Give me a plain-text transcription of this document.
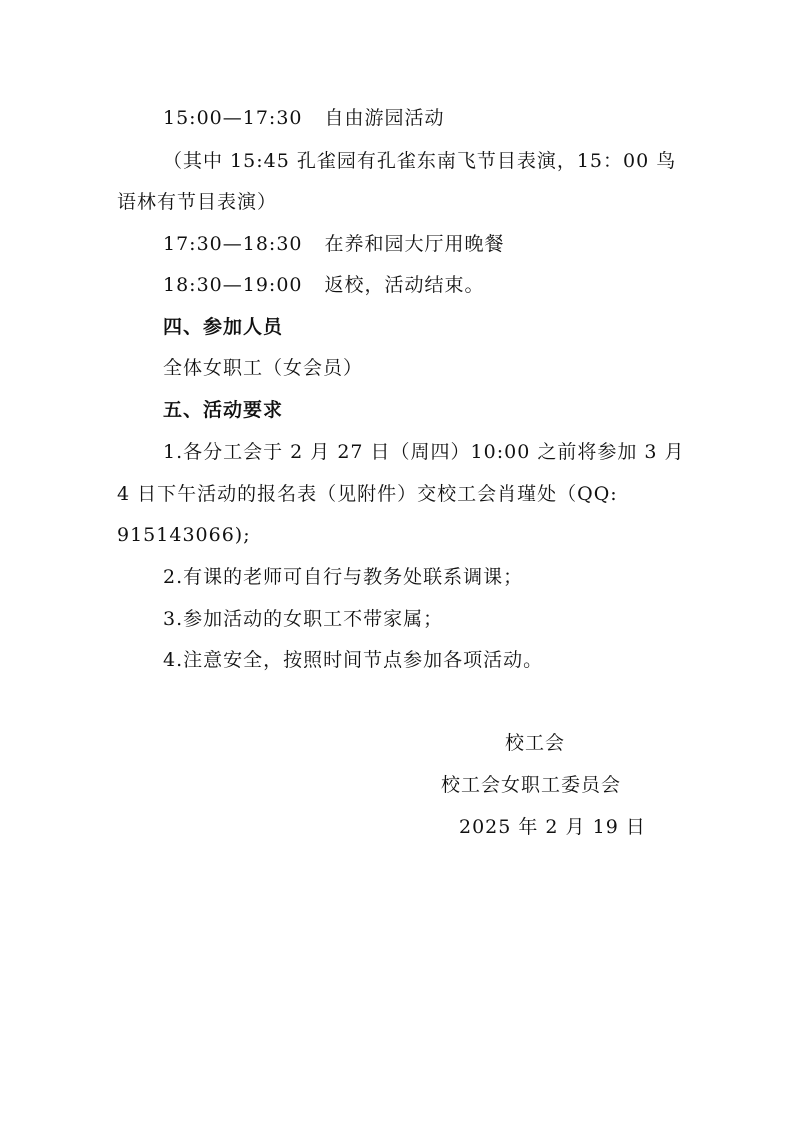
15:00—17:30 自由游园活动
（其中 15:45 孔雀园有孔雀东南飞节目表演，15：00 鸟
语林有节目表演）
17:30—18:30 在养和园大厅用晚餐
18:30—19:00 返校，活动结束。
四、参加人员
全体女职工（女会员）
五、活动要求
1.各分工会于 2 月 27 日（周四）10:00 之前将参加 3 月
4 日下午活动的报名表（见附件）交校工会肖瑾处（QQ:
915143066);
2.有课的老师可自行与教务处联系调课；
3.参加活动的女职工不带家属；
4.注意安全，按照时间节点参加各项活动。
校工会
校工会女职工委员会
2025 年 2 月 19 日
